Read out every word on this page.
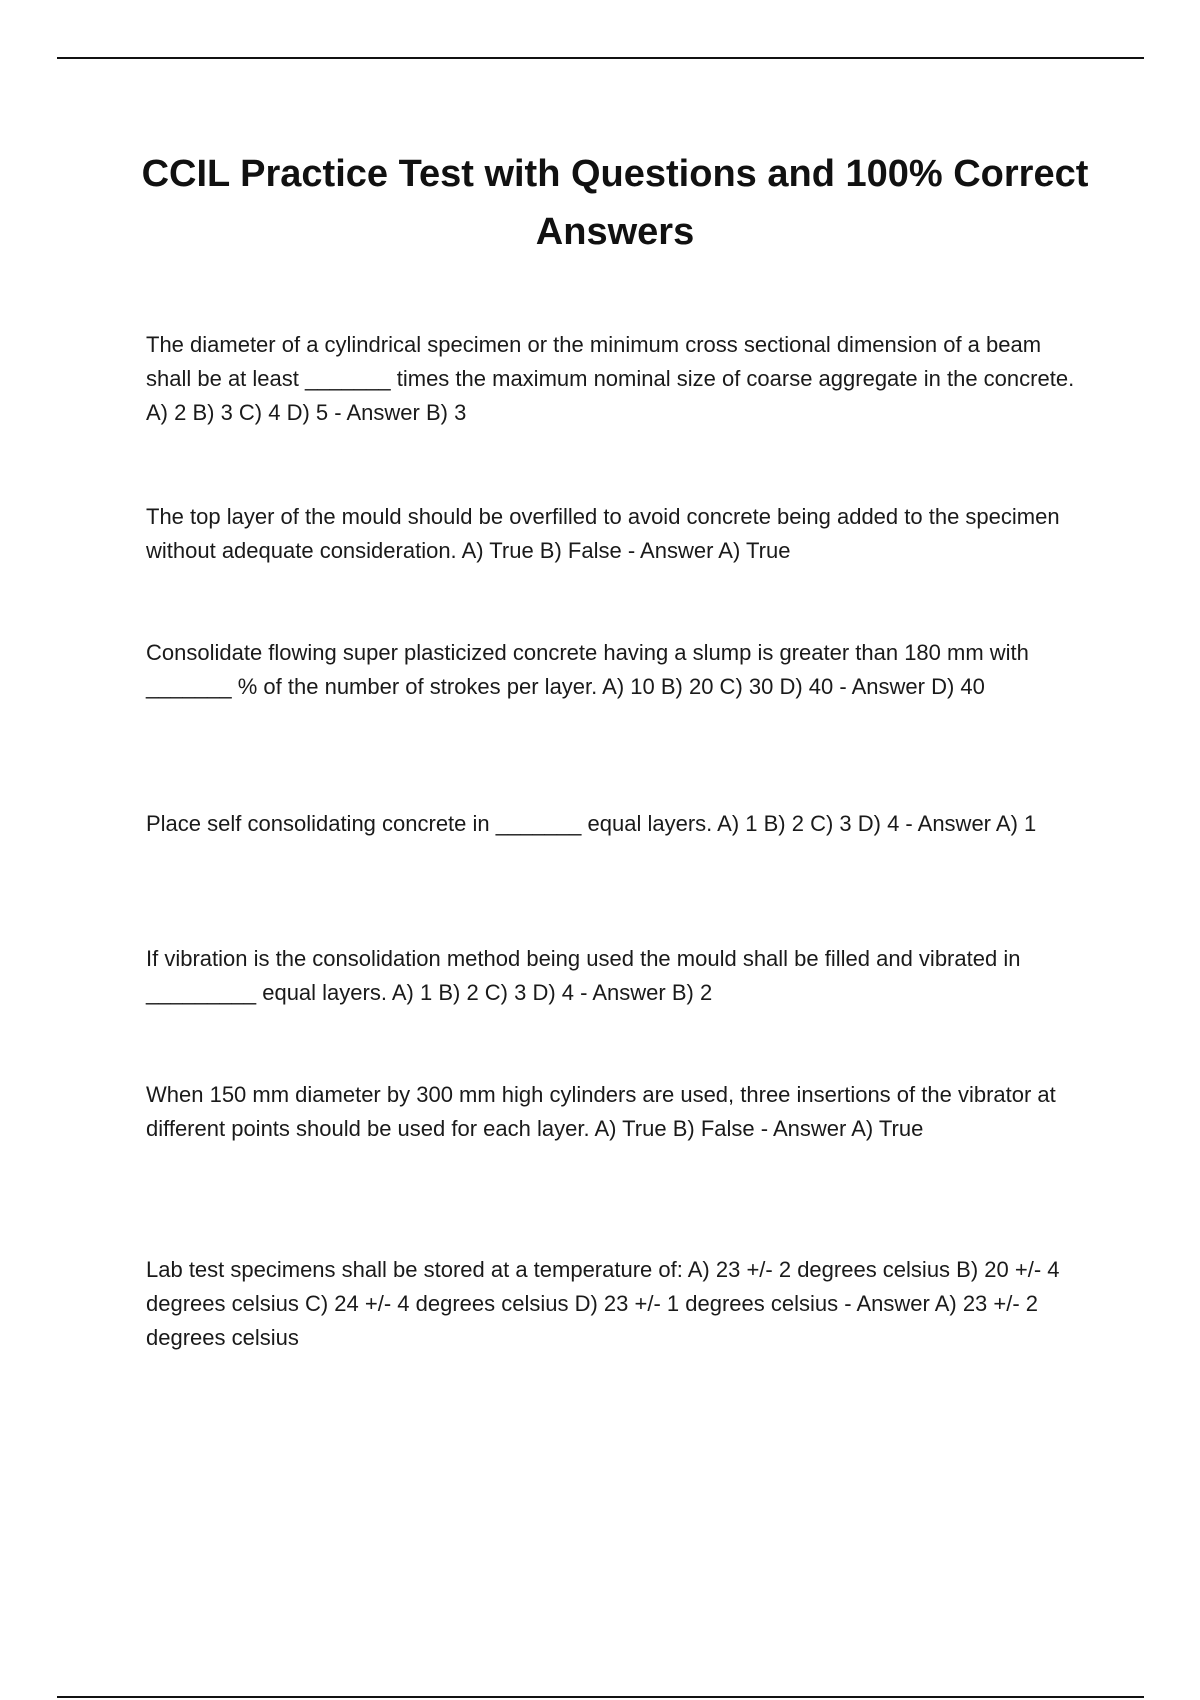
CCIL Practice Test with Questions and 100% Correct Answers

The diameter of a cylindrical specimen or the minimum cross sectional dimension of a beam shall be at least _______ times the maximum nominal size of coarse aggregate in the concrete. A) 2 B) 3 C) 4 D) 5 - Answer B) 3

The top layer of the mould should be overfilled to avoid concrete being added to the specimen without adequate consideration. A) True B) False - Answer A) True

Consolidate flowing super plasticized concrete having a slump is greater than 180 mm with _______ % of the number of strokes per layer. A) 10 B) 20 C) 30 D) 40 - Answer D) 40

Place self consolidating concrete in _______ equal layers. A) 1 B) 2 C) 3 D) 4 - Answer A) 1

If vibration is the consolidation method being used the mould shall be filled and vibrated in _________ equal layers. A) 1 B) 2 C) 3 D) 4 - Answer B) 2

When 150 mm diameter by 300 mm high cylinders are used, three insertions of the vibrator at different points should be used for each layer. A) True B) False - Answer A) True

Lab test specimens shall be stored at a temperature of: A) 23 +/- 2 degrees celsius B) 20 +/- 4 degrees celsius C) 24 +/- 4 degrees celsius D) 23 +/- 1 degrees celsius - Answer A) 23 +/- 2 degrees celsius
